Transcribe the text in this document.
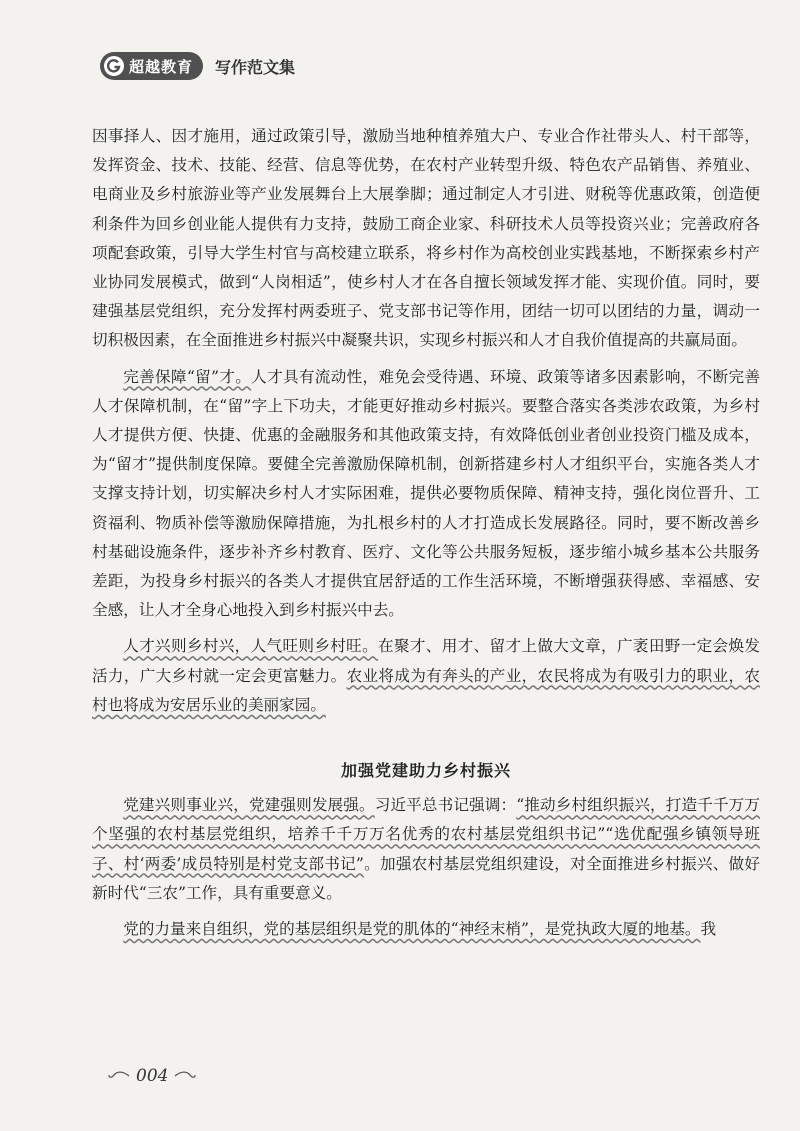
超越教育 写作范文集

因事择人、因才施用，通过政策引导，激励当地种植养殖大户、专业合作社带头人、村干部等，发挥资金、技术、技能、经营、信息等优势，在农村产业转型升级、特色农产品销售、养殖业、电商业及乡村旅游业等产业发展舞台上大展拳脚；通过制定人才引进、财税等优惠政策，创造便利条件为回乡创业能人提供有力支持，鼓励工商企业家、科研技术人员等投资兴业；完善政府各项配套政策，引导大学生村官与高校建立联系，将乡村作为高校创业实践基地，不断探索乡村产业协同发展模式，做到“人岗相适”，使乡村人才在各自擅长领域发挥才能、实现价值。同时，要建强基层党组织，充分发挥村两委班子、党支部书记等作用，团结一切可以团结的力量，调动一切积极因素，在全面推进乡村振兴中凝聚共识，实现乡村振兴和人才自我价值提高的共赢局面。

完善保障“留”才。人才具有流动性，难免会受待遇、环境、政策等诸多因素影响，不断完善人才保障机制，在“留”字上下功夫，才能更好推动乡村振兴。要整合落实各类涉农政策，为乡村人才提供方便、快捷、优惠的金融服务和其他政策支持，有效降低创业者创业投资门槛及成本，为“留才”提供制度保障。要健全完善激励保障机制，创新搭建乡村人才组织平台，实施各类人才支撑支持计划，切实解决乡村人才实际困难，提供必要物质保障、精神支持，强化岗位晋升、工资福利、物质补偿等激励保障措施，为扎根乡村的人才打造成长发展路径。同时，要不断改善乡村基础设施条件，逐步补齐乡村教育、医疗、文化等公共服务短板，逐步缩小城乡基本公共服务差距，为投身乡村振兴的各类人才提供宜居舒适的工作生活环境，不断增强获得感、幸福感、安全感，让人才全身心地投入到乡村振兴中去。

人才兴则乡村兴，人气旺则乡村旺。在聚才、用才、留才上做大文章，广袤田野一定会焕发活力，广大乡村就一定会更富魅力。农业将成为有奔头的产业，农民将成为有吸引力的职业，农村也将成为安居乐业的美丽家园。

加强党建助力乡村振兴

党建兴则事业兴，党建强则发展强。习近平总书记强调：“推动乡村组织振兴，打造千千万万个坚强的农村基层党组织，培养千千万万名优秀的农村基层党组织书记”“选优配强乡镇领导班子、村‘两委’成员特别是村党支部书记”。加强农村基层党组织建设，对全面推进乡村振兴、做好新时代“三农”工作，具有重要意义。

党的力量来自组织，党的基层组织是党的肌体的“神经末梢”，是党执政大厦的地基。我

004
